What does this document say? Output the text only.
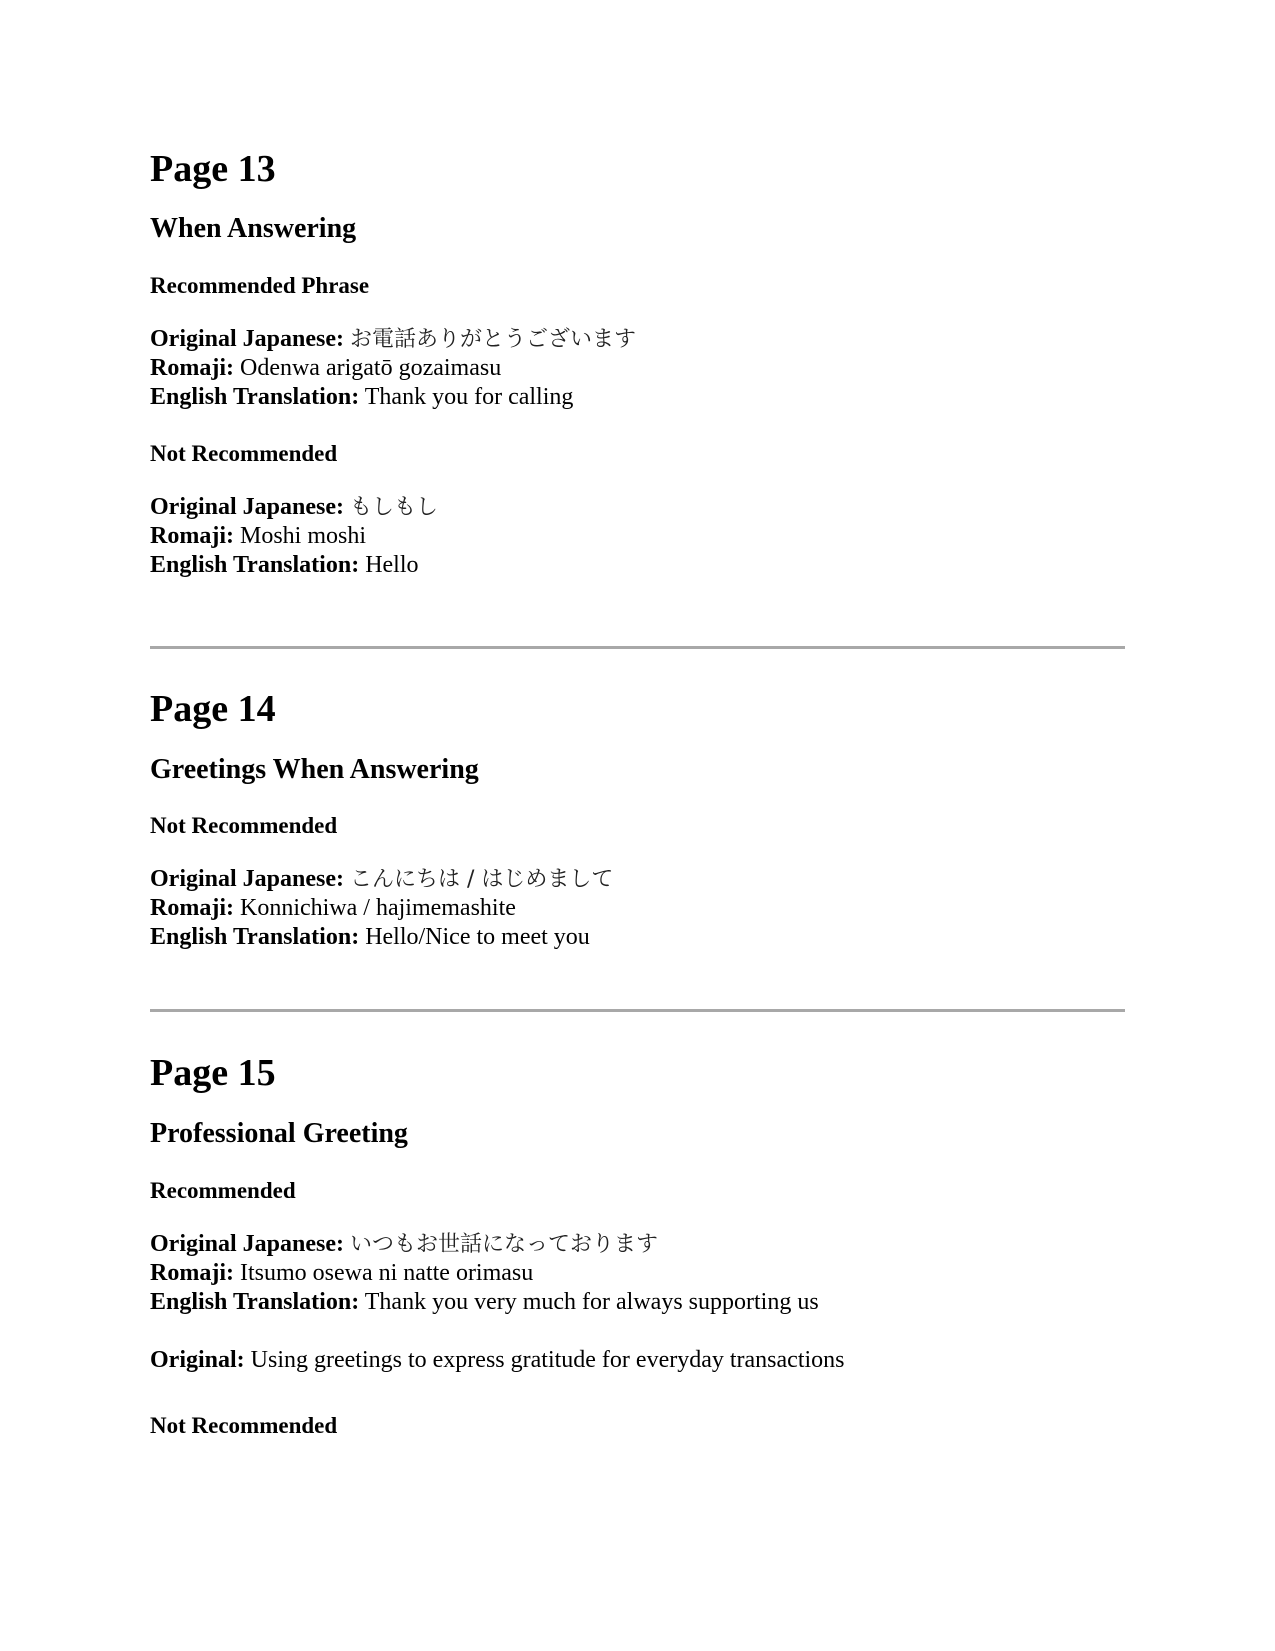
Page 13
When Answering
Recommended Phrase
Original Japanese: お電話ありがとうございます
Romaji: Odenwa arigatō gozaimasu
English Translation: Thank you for calling
Not Recommended
Original Japanese: もしもし
Romaji: Moshi moshi
English Translation: Hello
Page 14
Greetings When Answering
Not Recommended
Original Japanese: こんにちは / はじめまして
Romaji: Konnichiwa / hajimemashite
English Translation: Hello/Nice to meet you
Page 15
Professional Greeting
Recommended
Original Japanese: いつもお世話になっております
Romaji: Itsumo osewa ni natte orimasu
English Translation: Thank you very much for always supporting us
Original: Using greetings to express gratitude for everyday transactions
Not Recommended
